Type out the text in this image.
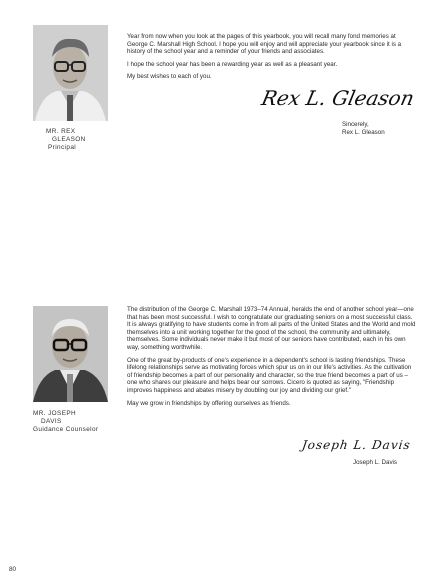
MR. REX
GLEASON
Principal

Year from now when you look at the pages of this yearbook, you will recall many fond memories at George C. Marshall High School. I hope you will enjoy and will appreciate your yearbook since it is a history of the school year and a reminder of your friends and associates.

I hope the school year has been a rewarding year as well as a pleasant year.

My best wishes to each of you.

Rex L. Gleason
Sincerely,
Rex L. Gleason
MR. JOSEPH
DAVIS
Guidance Counselor

The distribution of the George C. Marshall 1973–74 Annual, heralds the end of another school year—one that has been most successful. I wish to congratulate our graduating seniors on a most successful class. It is always gratifying to have students come in from all parts of the United States and the World and mold themselves into a unit working together for the good of the school, the community and ultimately, themselves. Some individuals never make it but most of our seniors have contributed, each in his own way, something worthwhile.

One of the great by-products of one's experience in a dependent's school is lasting friendships. These lifelong relationships serve as motivating forces which spur us on in our life's activities. As the cultivation of friendship becomes a part of our personality and character, so the true friend becomes a part of us – one who shares our pleasure and helps bear our sorrows. Cicero is quoted as saying, "Friendship improves happiness and abates misery by doubling our joy and dividing our grief."

May we grow in friendships by offering ourselves as friends.

Joseph L. Davis
Joseph L. Davis
80
